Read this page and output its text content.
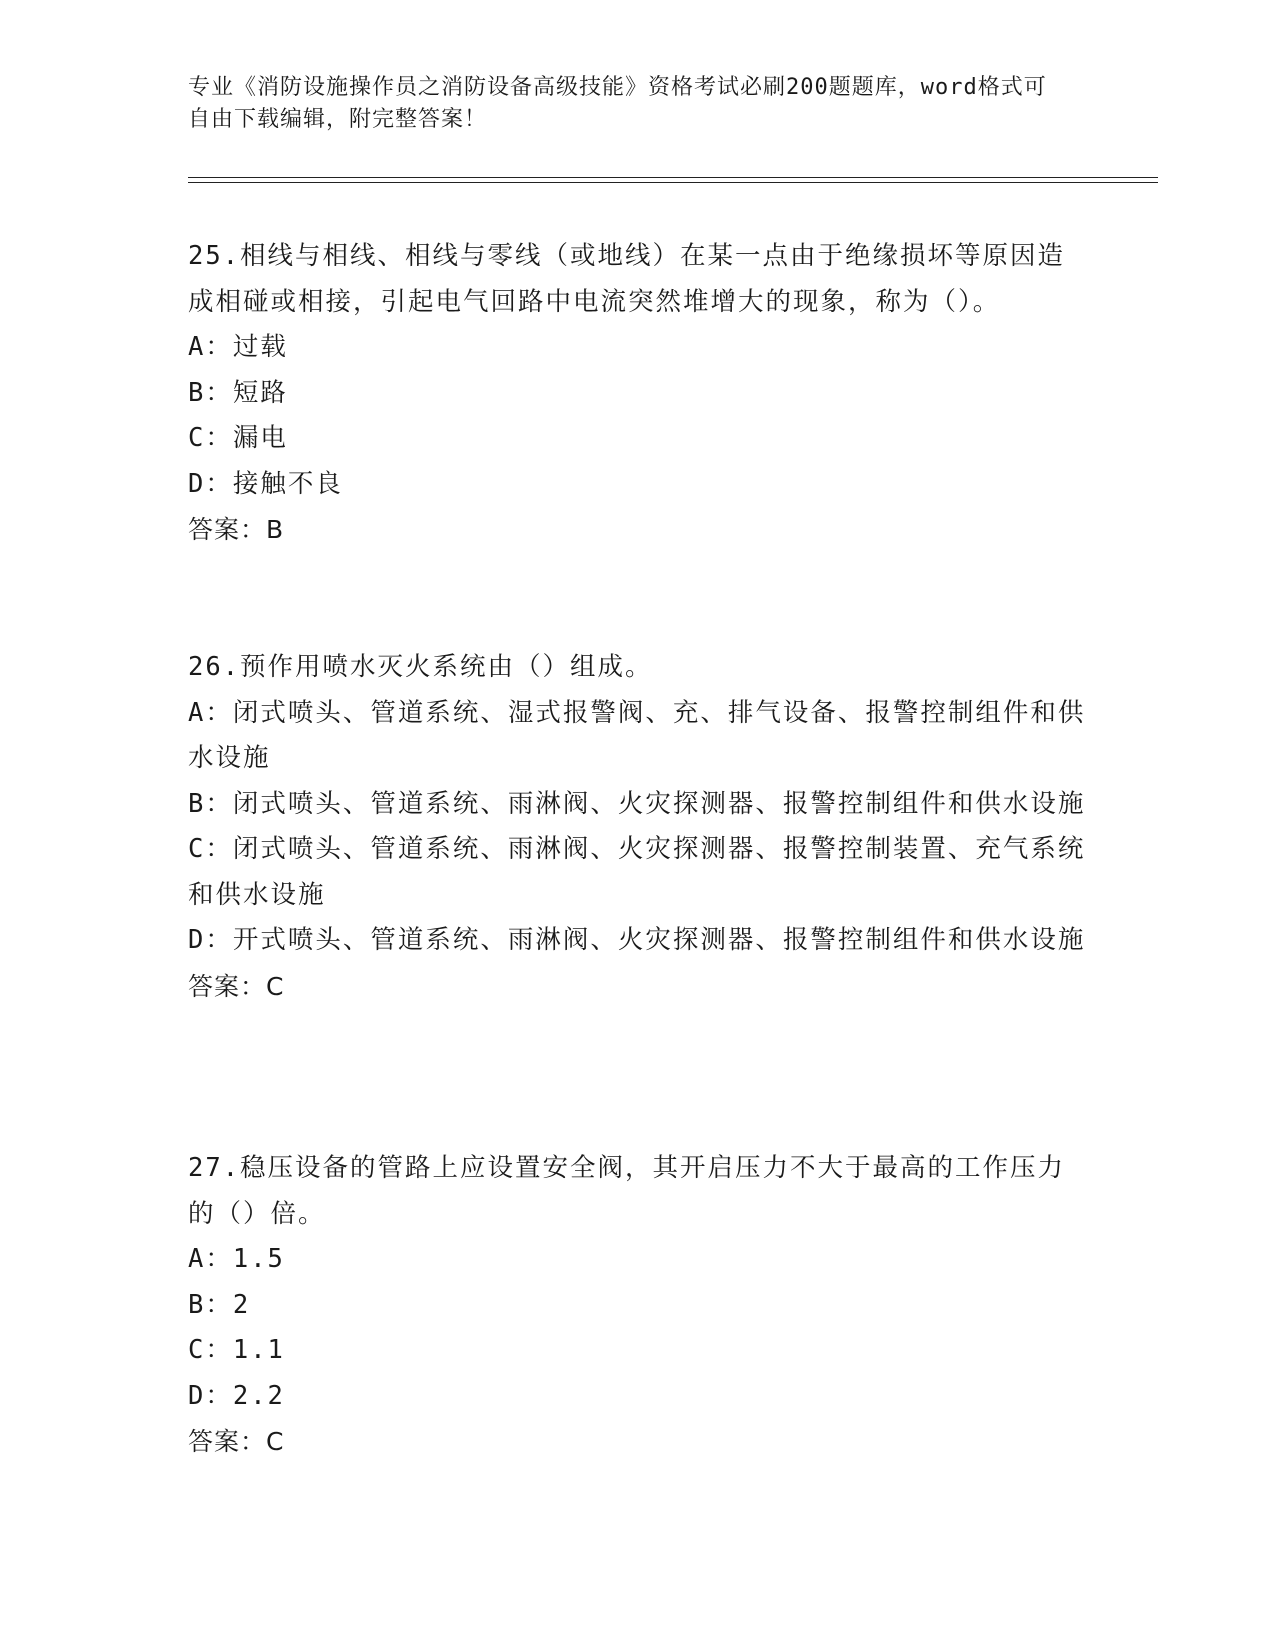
专业《消防设施操作员之消防设备高级技能》资格考试必刷200题题库，word格式可自由下载编辑，附完整答案！
25.相线与相线、相线与零线（或地线）在某一点由于绝缘损坏等原因造成相碰或相接，引起电气回路中电流突然堆增大的现象，称为（）。
A：过载
B：短路
C：漏电
D：接触不良
答案：B
26.预作用喷水灭火系统由（）组成。
A：闭式喷头、管道系统、湿式报警阀、充、排气设备、报警控制组件和供水设施
B：闭式喷头、管道系统、雨淋阀、火灾探测器、报警控制组件和供水设施
C：闭式喷头、管道系统、雨淋阀、火灾探测器、报警控制装置、充气系统和供水设施
D：开式喷头、管道系统、雨淋阀、火灾探测器、报警控制组件和供水设施
答案：C
27.稳压设备的管路上应设置安全阀，其开启压力不大于最高的工作压力的（）倍。
A：1.5
B：2
C：1.1
D：2.2
答案：C
